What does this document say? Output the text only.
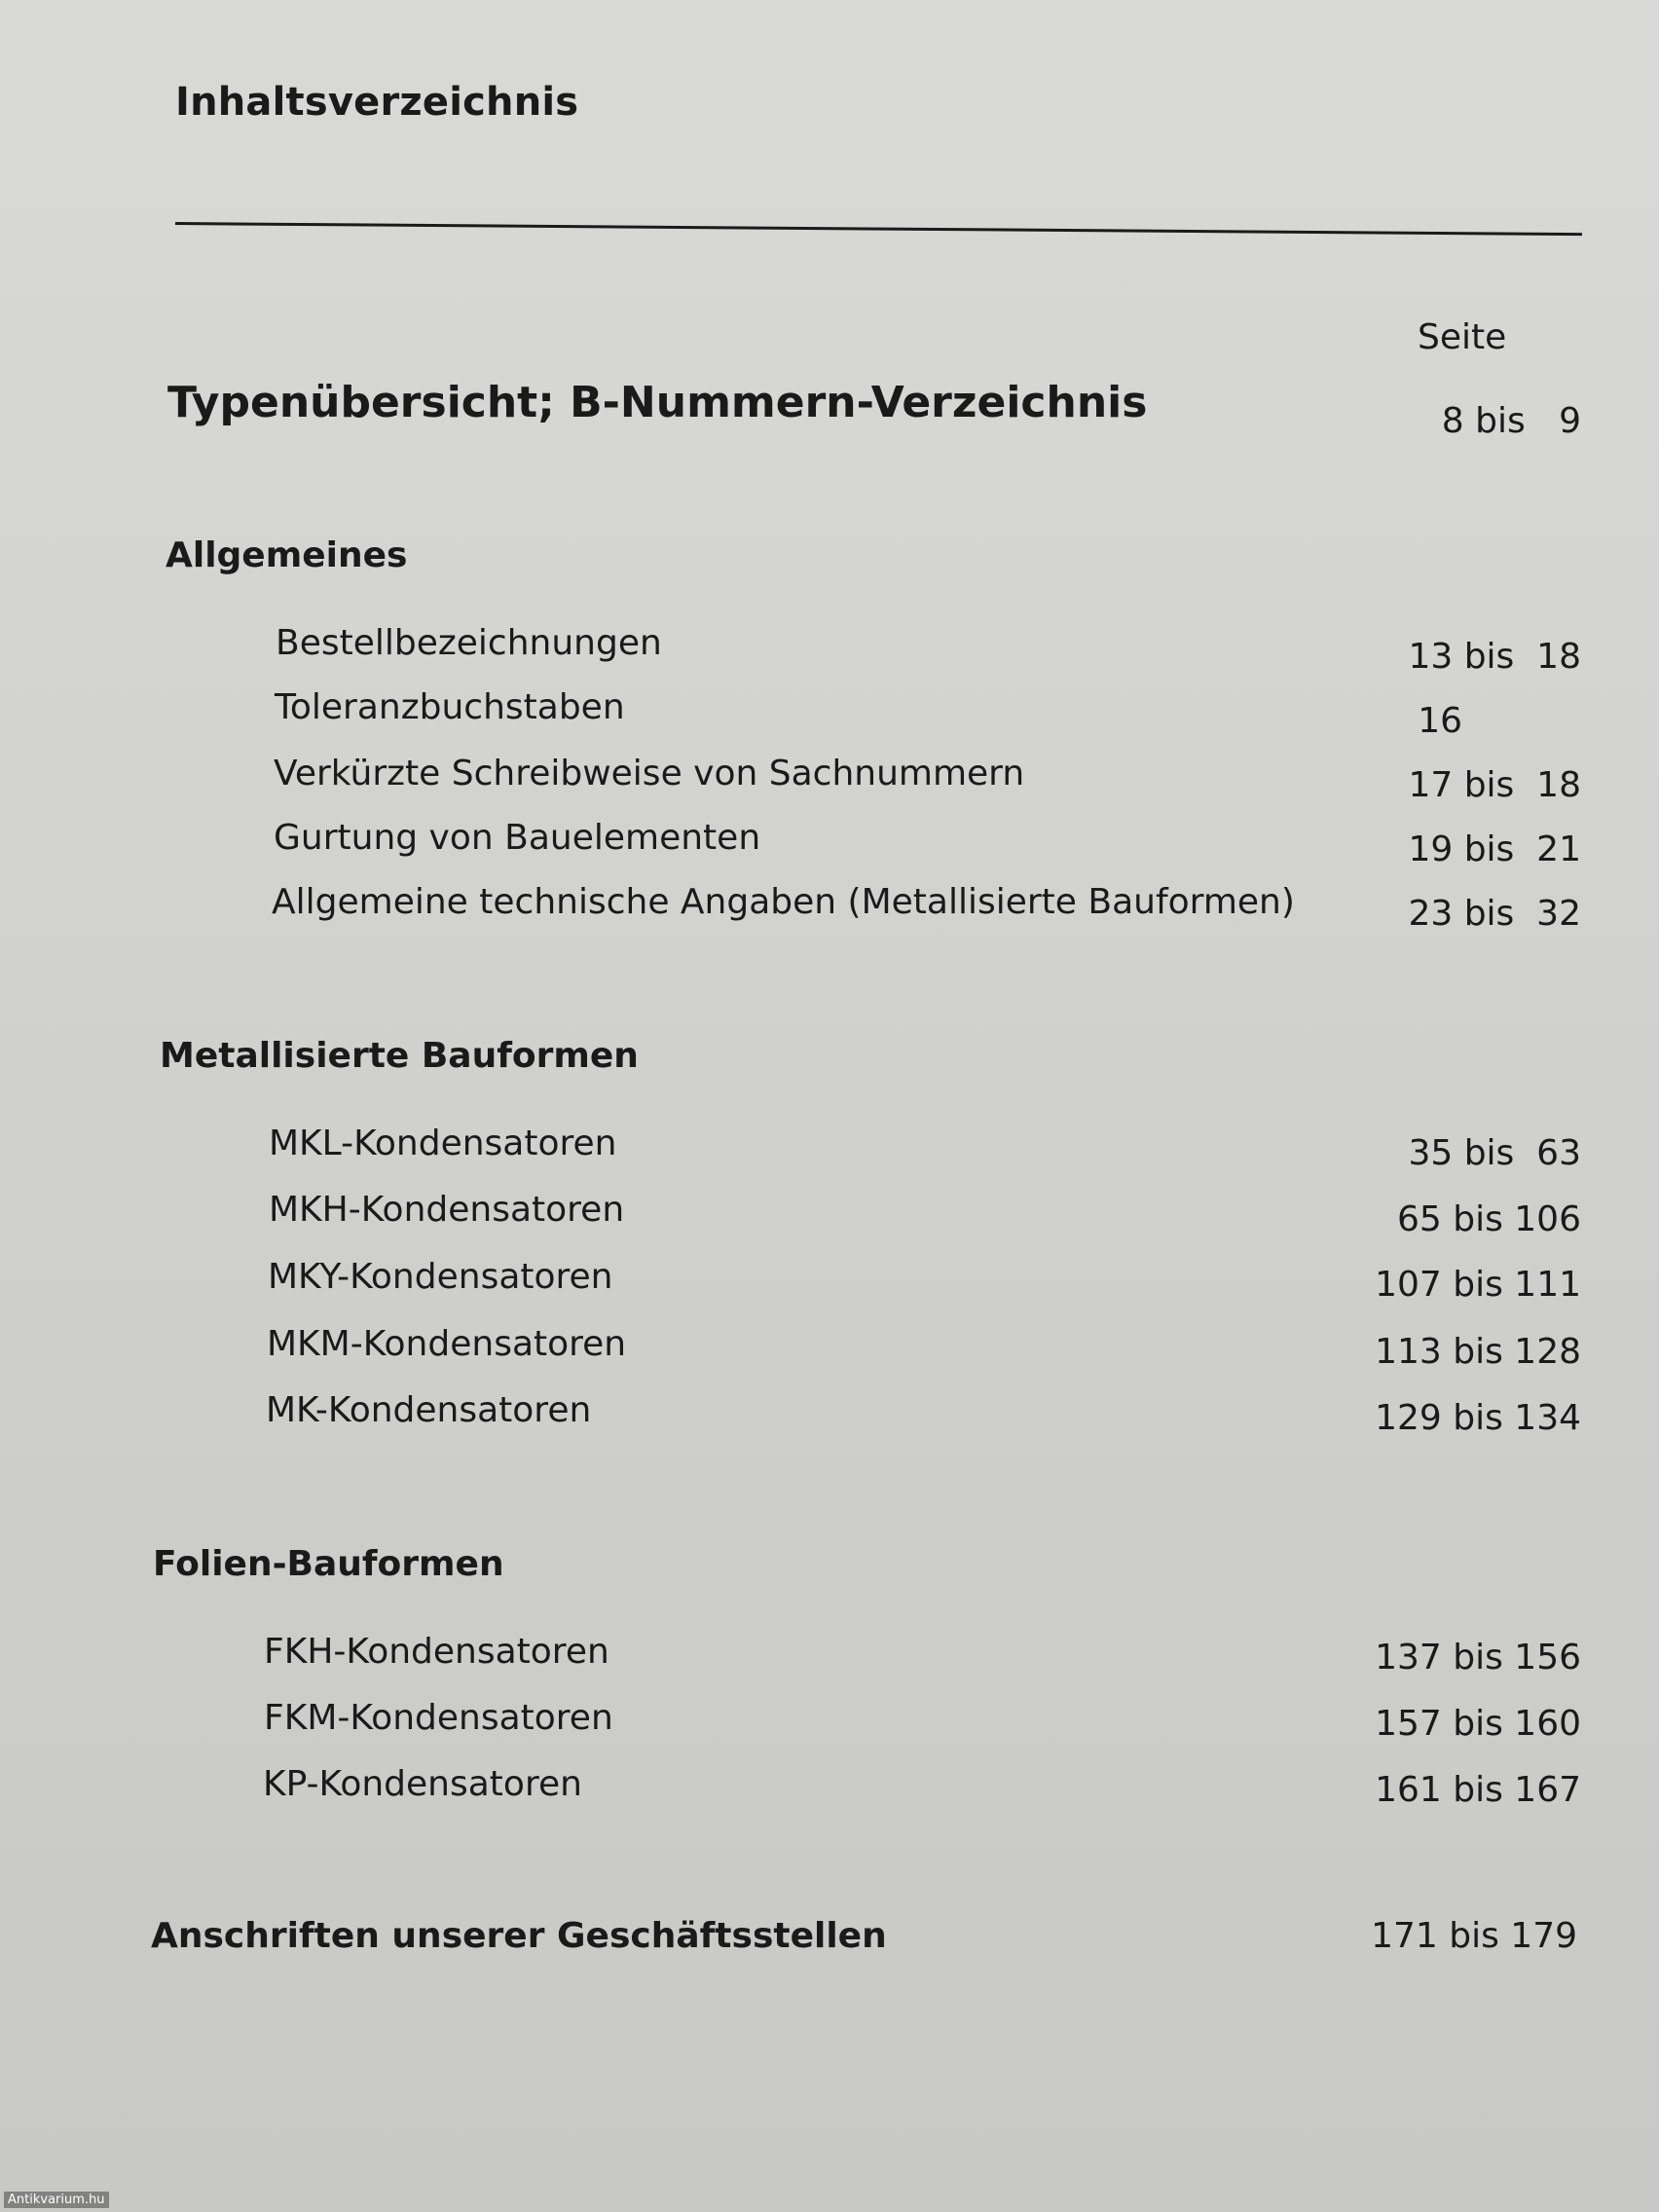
Inhaltsverzeichnis
Seite
Typenübersicht; B-Nummern-Verzeichnis	8 bis   9
Allgemeines
Bestellbezeichnungen	13 bis  18
Toleranzbuchstaben	16
Verkürzte Schreibweise von Sachnummern	17 bis  18
Gurtung von Bauelementen	19 bis  21
Allgemeine technische Angaben (Metallisierte Bauformen)	23 bis  32
Metallisierte Bauformen
MKL-Kondensatoren	35 bis  63
MKH-Kondensatoren	65 bis 106
MKY-Kondensatoren	107 bis 111
MKM-Kondensatoren	113 bis 128
MK-Kondensatoren	129 bis 134
Folien-Bauformen
FKH-Kondensatoren	137 bis 156
FKM-Kondensatoren	157 bis 160
KP-Kondensatoren	161 bis 167
Anschriften unserer Geschäftsstellen	171 bis 179
Antikvarium.hu
